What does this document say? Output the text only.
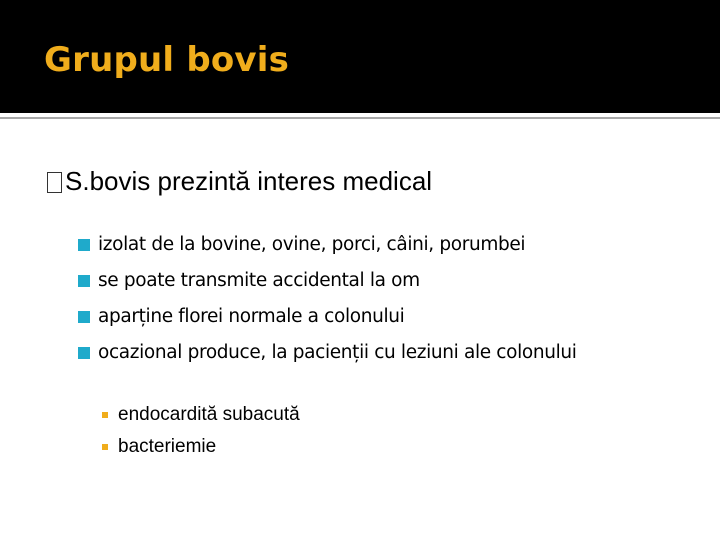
Grupul bovis
S.bovis prezintă interes medical
izolat de la bovine, ovine, porci, câini, porumbei
se poate transmite accidental la om
aparține florei normale a colonului
ocazional produce, la pacienții cu leziuni ale colonului
endocardită subacută
bacteriemie
